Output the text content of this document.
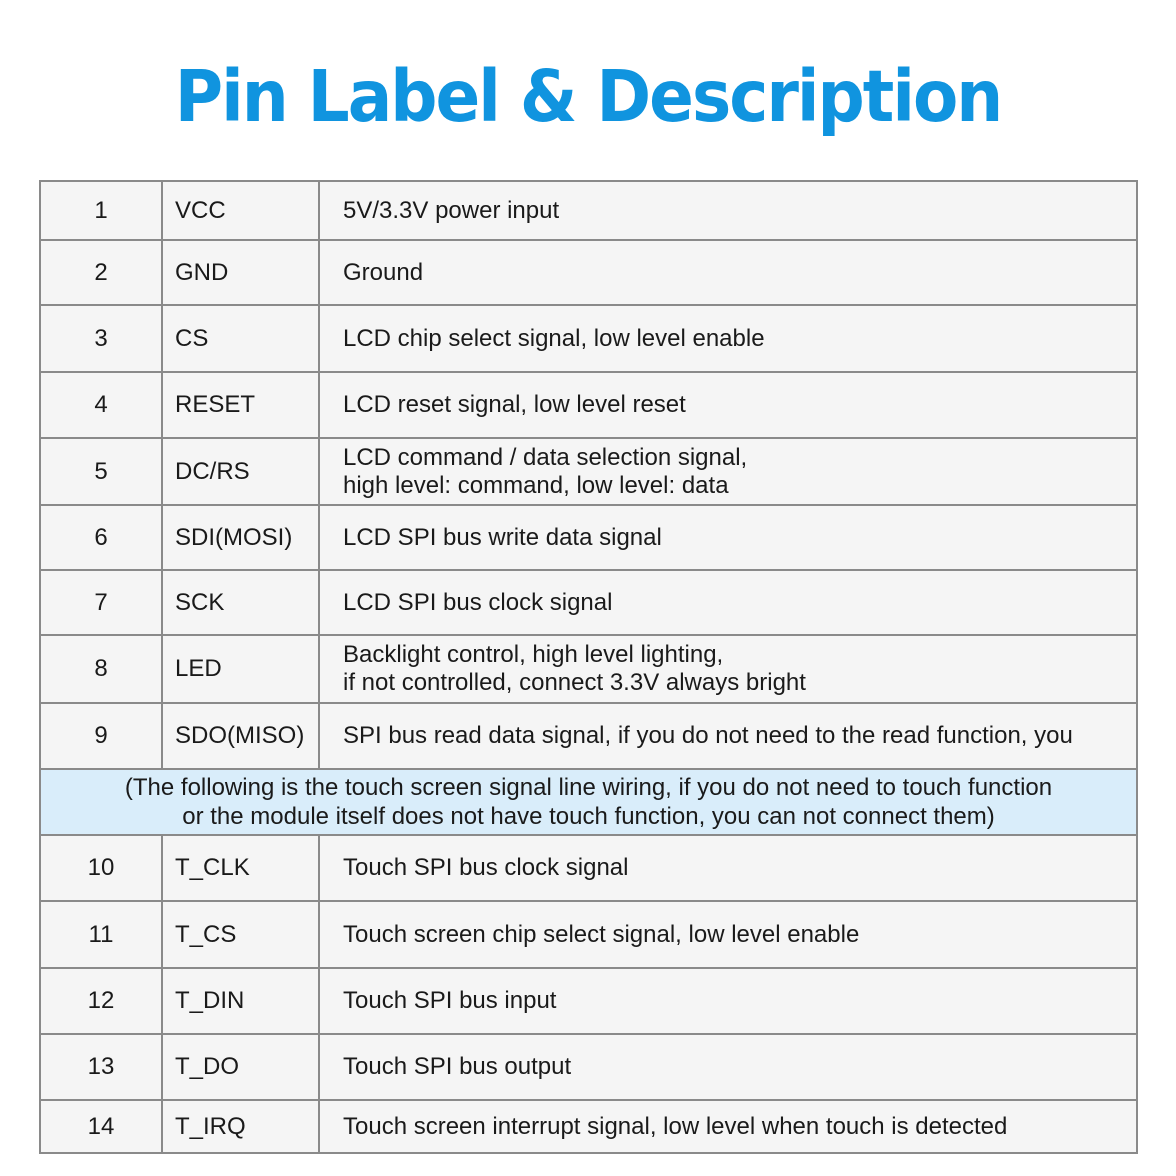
Pin Label & Description
1	VCC	5V/3.3V power input
2	GND	Ground
3	CS	LCD chip select signal, low level enable
4	RESET	LCD reset signal, low level reset
5	DC/RS	LCD command / data selection signal,
high level: command, low level: data
6	SDI(MOSI)	LCD SPI bus write data signal
7	SCK	LCD SPI bus clock signal
8	LED	Backlight control, high level lighting,
if not controlled, connect 3.3V always bright
9	SDO(MISO)	SPI bus read data signal, if you do not need to the read function, you
(The following is the touch screen signal line wiring, if you do not need to touch function
or the module itself does not have touch function, you can not connect them)		
10	T_CLK	Touch SPI bus clock signal
11	T_CS	Touch screen chip select signal, low level enable
12	T_DIN	Touch SPI bus input
13	T_DO	Touch SPI bus output
14	T_IRQ	Touch screen interrupt signal, low level when touch is detected
